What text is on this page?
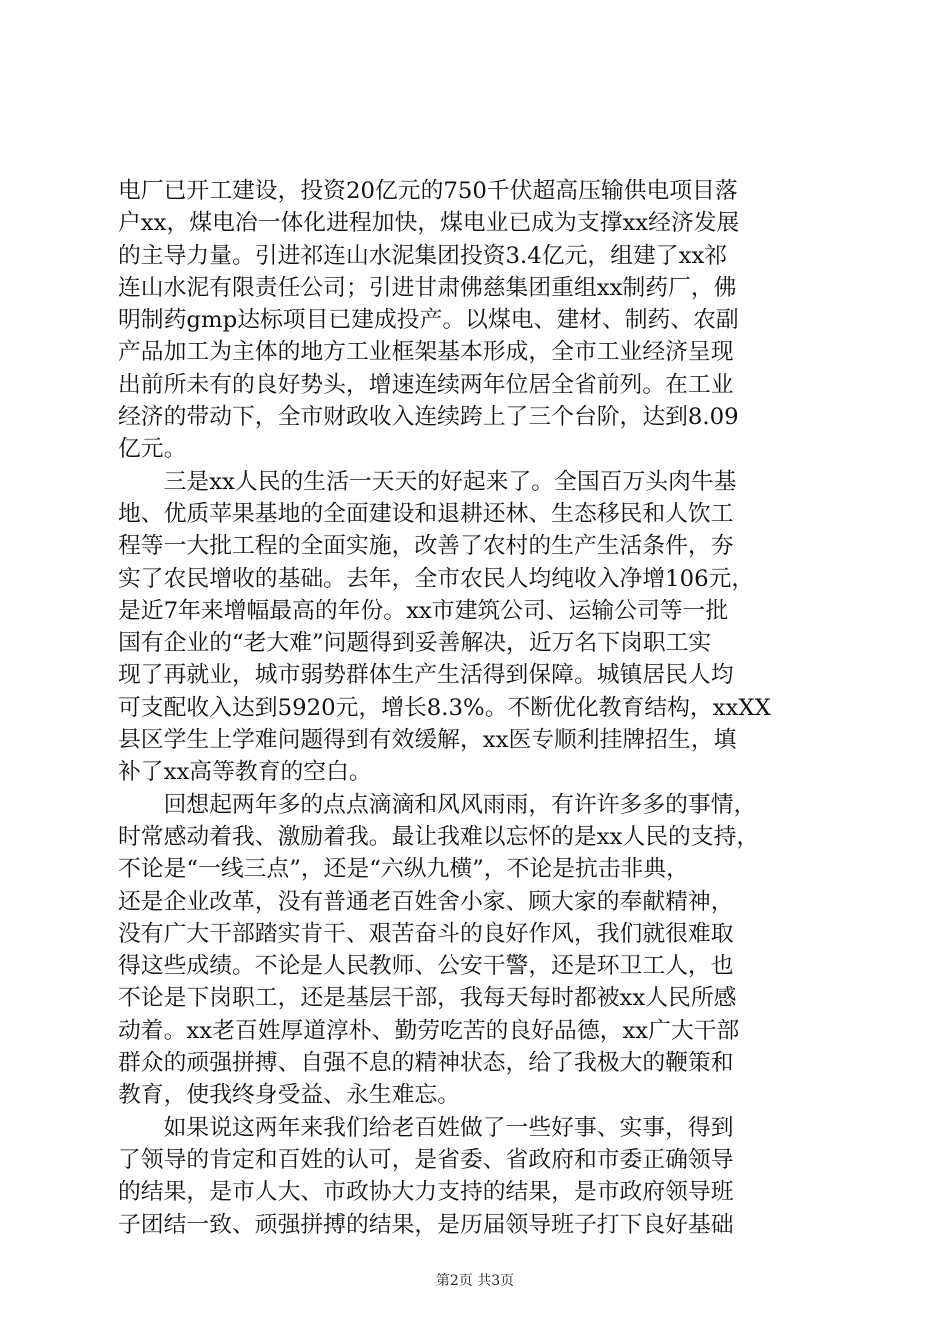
电厂已开工建设，投资20亿元的750千伏超高压输供电项目落
户xx，煤电冶一体化进程加快，煤电业已成为支撑xx经济发展
的主导力量。引进祁连山水泥集团投资3.4亿元，组建了xx祁
连山水泥有限责任公司；引进甘肃佛慈集团重组xx制药厂，佛
明制药gmp达标项目已建成投产。以煤电、建材、制药、农副
产品加工为主体的地方工业框架基本形成，全市工业经济呈现
出前所未有的良好势头，增速连续两年位居全省前列。在工业
经济的带动下，全市财政收入连续跨上了三个台阶，达到8.09
亿元。
　　三是xx人民的生活一天天的好起来了。全国百万头肉牛基
地、优质苹果基地的全面建设和退耕还林、生态移民和人饮工
程等一大批工程的全面实施，改善了农村的生产生活条件，夯
实了农民增收的基础。去年，全市农民人均纯收入净增106元，
是近7年来增幅最高的年份。xx市建筑公司、运输公司等一批
国有企业的“老大难”问题得到妥善解决，近万名下岗职工实
现了再就业，城市弱势群体生产生活得到保障。城镇居民人均
可支配收入达到5920元，增长8.3%。不断优化教育结构，xxXX
县区学生上学难问题得到有效缓解，xx医专顺利挂牌招生，填
补了xx高等教育的空白。
　　回想起两年多的点点滴滴和风风雨雨，有许许多多的事情，
时常感动着我、激励着我。最让我难以忘怀的是xx人民的支持，
不论是“一线三点”，还是“六纵九横”，不论是抗击非典，
还是企业改革，没有普通老百姓舍小家、顾大家的奉献精神，
没有广大干部踏实肯干、艰苦奋斗的良好作风，我们就很难取
得这些成绩。不论是人民教师、公安干警，还是环卫工人，也
不论是下岗职工，还是基层干部，我每天每时都被xx人民所感
动着。xx老百姓厚道淳朴、勤劳吃苦的良好品德，xx广大干部
群众的顽强拼搏、自强不息的精神状态，给了我极大的鞭策和
教育，使我终身受益、永生难忘。
　　如果说这两年来我们给老百姓做了一些好事、实事，得到
了领导的肯定和百姓的认可，是省委、省政府和市委正确领导
的结果，是市人大、市政协大力支持的结果，是市政府领导班
子团结一致、顽强拼搏的结果，是历届领导班子打下良好基础
第2页 共3页
